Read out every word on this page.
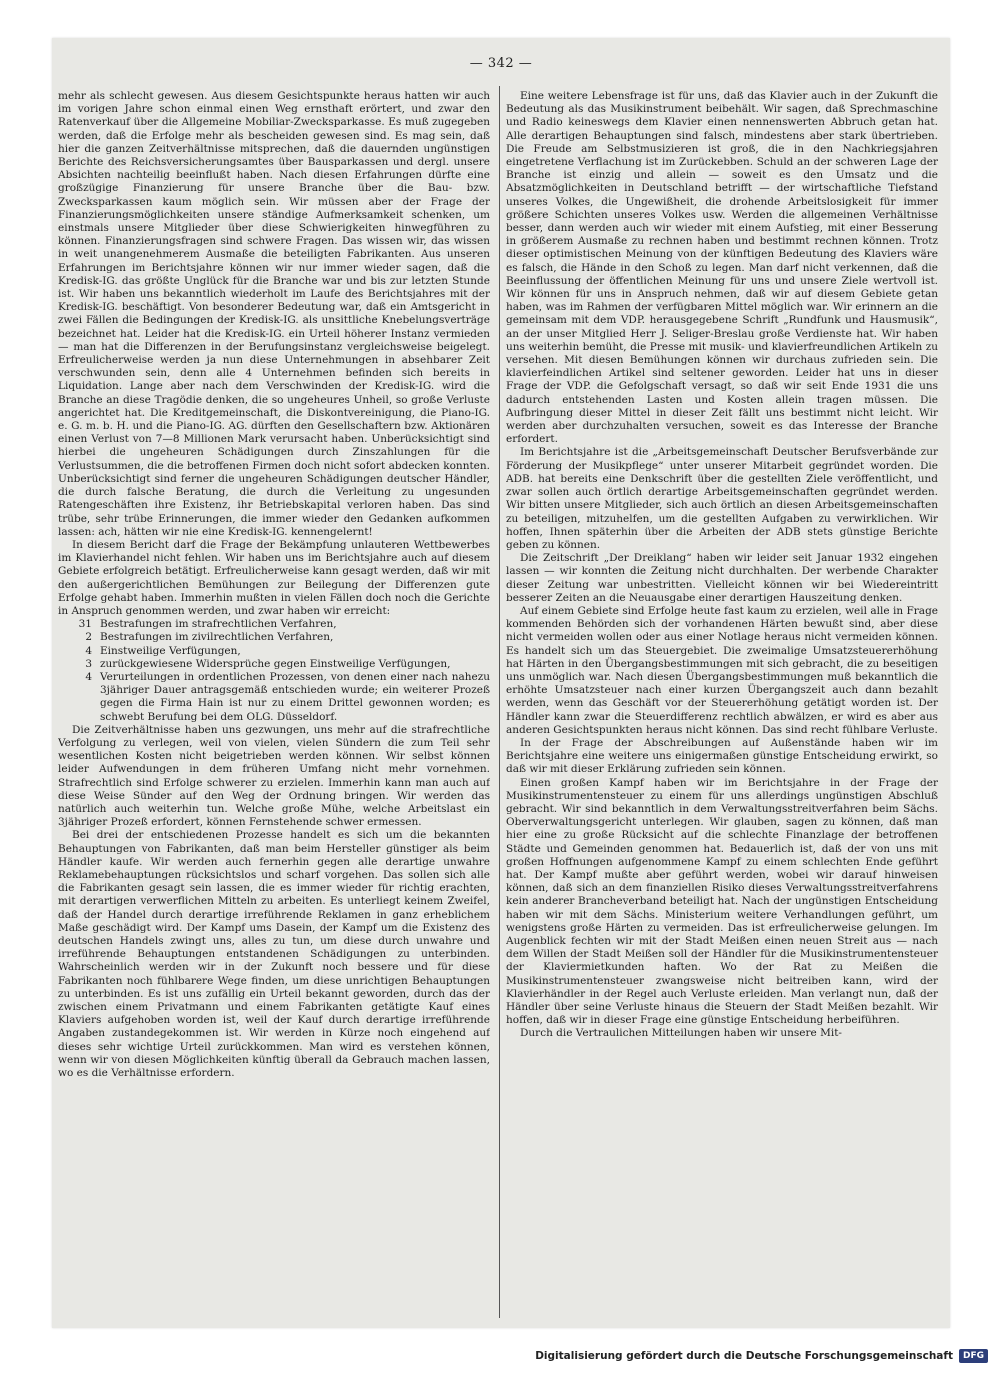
— 342 —

mehr als schlecht gewesen. Aus diesem Gesichtspunkte heraus hatten wir auch im vorigen Jahre schon einmal einen Weg ernsthaft erörtert, und zwar den Ratenverkauf über die Allgemeine Mobiliar-Zwecksparkasse. Es muß zugegeben werden, daß die Erfolge mehr als bescheiden gewesen sind. Es mag sein, daß hier die ganzen Zeitverhältnisse mitsprechen, daß die dauernden ungünstigen Berichte des Reichsversicherungsamtes über Bausparkassen und dergl. unsere Absichten nachteilig beeinflußt haben. Nach diesen Erfahrungen dürfte eine großzügige Finanzierung für unsere Branche über die Bau- bzw. Zwecksparkassen kaum möglich sein. Wir müssen aber der Frage der Finanzierungsmöglichkeiten unsere ständige Aufmerksamkeit schenken, um einstmals unsere Mitglieder über diese Schwierigkeiten hinwegführen zu können. Finanzierungsfragen sind schwere Fragen. Das wissen wir, das wissen in weit unangenehmerem Ausmaße die beteiligten Fabrikanten. Aus unseren Erfahrungen im Berichtsjahre können wir nur immer wieder sagen, daß die Kredisk-IG. das größte Unglück für die Branche war und bis zur letzten Stunde ist. Wir haben uns bekanntlich wiederholt im Laufe des Berichtsjahres mit der Kredisk-IG. beschäftigt. Von besonderer Bedeutung war, daß ein Amtsgericht in zwei Fällen die Bedingungen der Kredisk-IG. als unsittliche Knebelungsverträge bezeichnet hat. Leider hat die Kredisk-IG. ein Urteil höherer Instanz vermieden — man hat die Differenzen in der Berufungsinstanz vergleichsweise beigelegt. Erfreulicherweise werden ja nun diese Unternehmungen in absehbarer Zeit verschwunden sein, denn alle 4 Unternehmen befinden sich bereits in Liquidation. Lange aber nach dem Verschwinden der Kredisk-IG. wird die Branche an diese Tragödie denken, die so ungeheures Unheil, so große Verluste angerichtet hat. Die Kreditgemeinschaft, die Diskontvereinigung, die Piano-IG. e. G. m. b. H. und die Piano-IG. AG. dürften den Gesellschaftern bzw. Aktionären einen Verlust von 7—8 Millionen Mark verursacht haben. Unberücksichtigt sind hierbei die ungeheuren Schädigungen durch Zinszahlungen für die Verlustsummen, die die betroffenen Firmen doch nicht sofort abdecken konnten. Unberücksichtigt sind ferner die ungeheuren Schädigungen deutscher Händler, die durch falsche Beratung, die durch die Verleitung zu ungesunden Ratengeschäften ihre Existenz, ihr Betriebskapital verloren haben. Das sind trübe, sehr trübe Erinnerungen, die immer wieder den Gedanken aufkommen lassen: ach, hätten wir nie eine Kredisk-IG. kennengelernt!

In diesem Bericht darf die Frage der Bekämpfung unlauteren Wettbewerbes im Klavierhandel nicht fehlen. Wir haben uns im Berichtsjahre auch auf diesem Gebiete erfolgreich betätigt. Erfreulicherweise kann gesagt werden, daß wir mit den außergerichtlichen Bemühungen zur Beilegung der Differenzen gute Erfolge gehabt haben. Immerhin mußten in vielen Fällen doch noch die Gerichte in Anspruch genommen werden, und zwar haben wir erreicht:

31 Bestrafungen im strafrechtlichen Verfahren,
2 Bestrafungen im zivilrechtlichen Verfahren,
4 Einstweilige Verfügungen,
3 zurückgewiesene Widersprüche gegen Einstweilige Verfügungen,
4 Verurteilungen in ordentlichen Prozessen, von denen einer nach nahezu 3jähriger Dauer antragsgemäß entschieden wurde; ein weiterer Prozeß gegen die Firma Hain ist nur zu einem Drittel gewonnen worden; es schwebt Berufung bei dem OLG. Düsseldorf.

Die Zeitverhältnisse haben uns gezwungen, uns mehr auf die strafrechtliche Verfolgung zu verlegen, weil von vielen, vielen Sündern die zum Teil sehr wesentlichen Kosten nicht beigetrieben werden können. Wir selbst können leider Aufwendungen in dem früheren Umfang nicht mehr vornehmen. Strafrechtlich sind Erfolge schwerer zu erzielen. Immerhin kann man auch auf diese Weise Sünder auf den Weg der Ordnung bringen. Wir werden das natürlich auch weiterhin tun. Welche große Mühe, welche Arbeitslast ein 3jähriger Prozeß erfordert, können Fernstehende schwer ermessen.

Bei drei der entschiedenen Prozesse handelt es sich um die bekannten Behauptungen von Fabrikanten, daß man beim Hersteller günstiger als beim Händler kaufe. Wir werden auch fernerhin gegen alle derartige unwahre Reklamebehauptungen rücksichtslos und scharf vorgehen. Das sollen sich alle die Fabrikanten gesagt sein lassen, die es immer wieder für richtig erachten, mit derartigen verwerflichen Mitteln zu arbeiten. Es unterliegt keinem Zweifel, daß der Handel durch derartige irreführende Reklamen in ganz erheblichem Maße geschädigt wird. Der Kampf ums Dasein, der Kampf um die Existenz des deutschen Handels zwingt uns, alles zu tun, um diese durch unwahre und irreführende Behauptungen entstandenen Schädigungen zu unterbinden. Wahrscheinlich werden wir in der Zukunft noch bessere und für diese Fabrikanten noch fühlbarere Wege finden, um diese unrichtigen Behauptungen zu unterbinden. Es ist uns zufällig ein Urteil bekannt geworden, durch das der zwischen einem Privatmann und einem Fabrikanten getätigte Kauf eines Klaviers aufgehoben worden ist, weil der Kauf durch derartige irreführende Angaben zustandegekommen ist. Wir werden in Kürze noch eingehend auf dieses sehr wichtige Urteil zurückkommen. Man wird es verstehen können, wenn wir von diesen Möglichkeiten künftig überall da Gebrauch machen lassen, wo es die Verhältnisse erfordern.

Eine weitere Lebensfrage ist für uns, daß das Klavier auch in der Zukunft die Bedeutung als das Musikinstrument beibehält. Wir sagen, daß Sprechmaschine und Radio keineswegs dem Klavier einen nennenswerten Abbruch getan hat. Alle derartigen Behauptungen sind falsch, mindestens aber stark übertrieben. Die Freude am Selbstmusizieren ist groß, die in den Nachkriegsjahren eingetretene Verflachung ist im Zurückebben. Schuld an der schweren Lage der Branche ist einzig und allein — soweit es den Umsatz und die Absatzmöglichkeiten in Deutschland betrifft — der wirtschaftliche Tiefstand unseres Volkes, die Ungewißheit, die drohende Arbeitslosigkeit für immer größere Schichten unseres Volkes usw. Werden die allgemeinen Verhältnisse besser, dann werden auch wir wieder mit einem Aufstieg, mit einer Besserung in größerem Ausmaße zu rechnen haben und bestimmt rechnen können. Trotz dieser optimistischen Meinung von der künftigen Bedeutung des Klaviers wäre es falsch, die Hände in den Schoß zu legen. Man darf nicht verkennen, daß die Beeinflussung der öffentlichen Meinung für uns und unsere Ziele wertvoll ist. Wir können für uns in Anspruch nehmen, daß wir auf diesem Gebiete getan haben, was im Rahmen der verfügbaren Mittel möglich war. Wir erinnern an die gemeinsam mit dem VDP. herausgegebene Schrift „Rundfunk und Hausmusik“, an der unser Mitglied Herr J. Seliger-Breslau große Verdienste hat. Wir haben uns weiterhin bemüht, die Presse mit musik- und klavierfreundlichen Artikeln zu versehen. Mit diesen Bemühungen können wir durchaus zufrieden sein. Die klavierfeindlichen Artikel sind seltener geworden. Leider hat uns in dieser Frage der VDP. die Gefolgschaft versagt, so daß wir seit Ende 1931 die uns dadurch entstehenden Lasten und Kosten allein tragen müssen. Die Aufbringung dieser Mittel in dieser Zeit fällt uns bestimmt nicht leicht. Wir werden aber durchzuhalten versuchen, soweit es das Interesse der Branche erfordert.

Im Berichtsjahre ist die „Arbeitsgemeinschaft Deutscher Berufsverbände zur Förderung der Musikpflege“ unter unserer Mitarbeit gegründet worden. Die ADB. hat bereits eine Denkschrift über die gestellten Ziele veröffentlicht, und zwar sollen auch örtlich derartige Arbeitsgemeinschaften gegründet werden. Wir bitten unsere Mitglieder, sich auch örtlich an diesen Arbeitsgemeinschaften zu beteiligen, mitzuhelfen, um die gestellten Aufgaben zu verwirklichen. Wir hoffen, Ihnen späterhin über die Arbeiten der ADB stets günstige Berichte geben zu können.

Die Zeitschrift „Der Dreiklang“ haben wir leider seit Januar 1932 eingehen lassen — wir konnten die Zeitung nicht durchhalten. Der werbende Charakter dieser Zeitung war unbestritten. Vielleicht können wir bei Wiedereintritt besserer Zeiten an die Neuausgabe einer derartigen Hauszeitung denken.

Auf einem Gebiete sind Erfolge heute fast kaum zu erzielen, weil alle in Frage kommenden Behörden sich der vorhandenen Härten bewußt sind, aber diese nicht vermeiden wollen oder aus einer Notlage heraus nicht vermeiden können. Es handelt sich um das Steuergebiet. Die zweimalige Umsatzsteuererhöhung hat Härten in den Übergangsbestimmungen mit sich gebracht, die zu beseitigen uns unmöglich war. Nach diesen Übergangsbestimmungen muß bekanntlich die erhöhte Umsatzsteuer nach einer kurzen Übergangszeit auch dann bezahlt werden, wenn das Geschäft vor der Steuererhöhung getätigt worden ist. Der Händler kann zwar die Steuerdifferenz rechtlich abwälzen, er wird es aber aus anderen Gesichtspunkten heraus nicht können. Das sind recht fühlbare Verluste.

In der Frage der Abschreibungen auf Außenstände haben wir im Berichtsjahre eine weitere uns einigermaßen günstige Entscheidung erwirkt, so daß wir mit dieser Erklärung zufrieden sein können.

Einen großen Kampf haben wir im Berichtsjahre in der Frage der Musikinstrumentensteuer zu einem für uns allerdings ungünstigen Abschluß gebracht. Wir sind bekanntlich in dem Verwaltungsstreitverfahren beim Sächs. Oberverwaltungsgericht unterlegen. Wir glauben, sagen zu können, daß man hier eine zu große Rücksicht auf die schlechte Finanzlage der betroffenen Städte und Gemeinden genommen hat. Bedauerlich ist, daß der von uns mit großen Hoffnungen aufgenommene Kampf zu einem schlechten Ende geführt hat. Der Kampf mußte aber geführt werden, wobei wir darauf hinweisen können, daß sich an dem finanziellen Risiko dieses Verwaltungsstreitverfahrens kein anderer Brancheverband beteiligt hat. Nach der ungünstigen Entscheidung haben wir mit dem Sächs. Ministerium weitere Verhandlungen geführt, um wenigstens große Härten zu vermeiden. Das ist erfreulicherweise gelungen. Im Augenblick fechten wir mit der Stadt Meißen einen neuen Streit aus — nach dem Willen der Stadt Meißen soll der Händler für die Musikinstrumentensteuer der Klaviermietkunden haften. Wo der Rat zu Meißen die Musikinstrumentensteuer zwangsweise nicht beitreiben kann, wird der Klavierhändler in der Regel auch Verluste erleiden. Man verlangt nun, daß der Händler über seine Verluste hinaus die Steuern der Stadt Meißen bezahlt. Wir hoffen, daß wir in dieser Frage eine günstige Entscheidung herbeiführen.

Durch die Vertraulichen Mitteilungen haben wir unsere Mit-

Digitalisierung gefördert durch die Deutsche Forschungsgemeinschaft DFG
